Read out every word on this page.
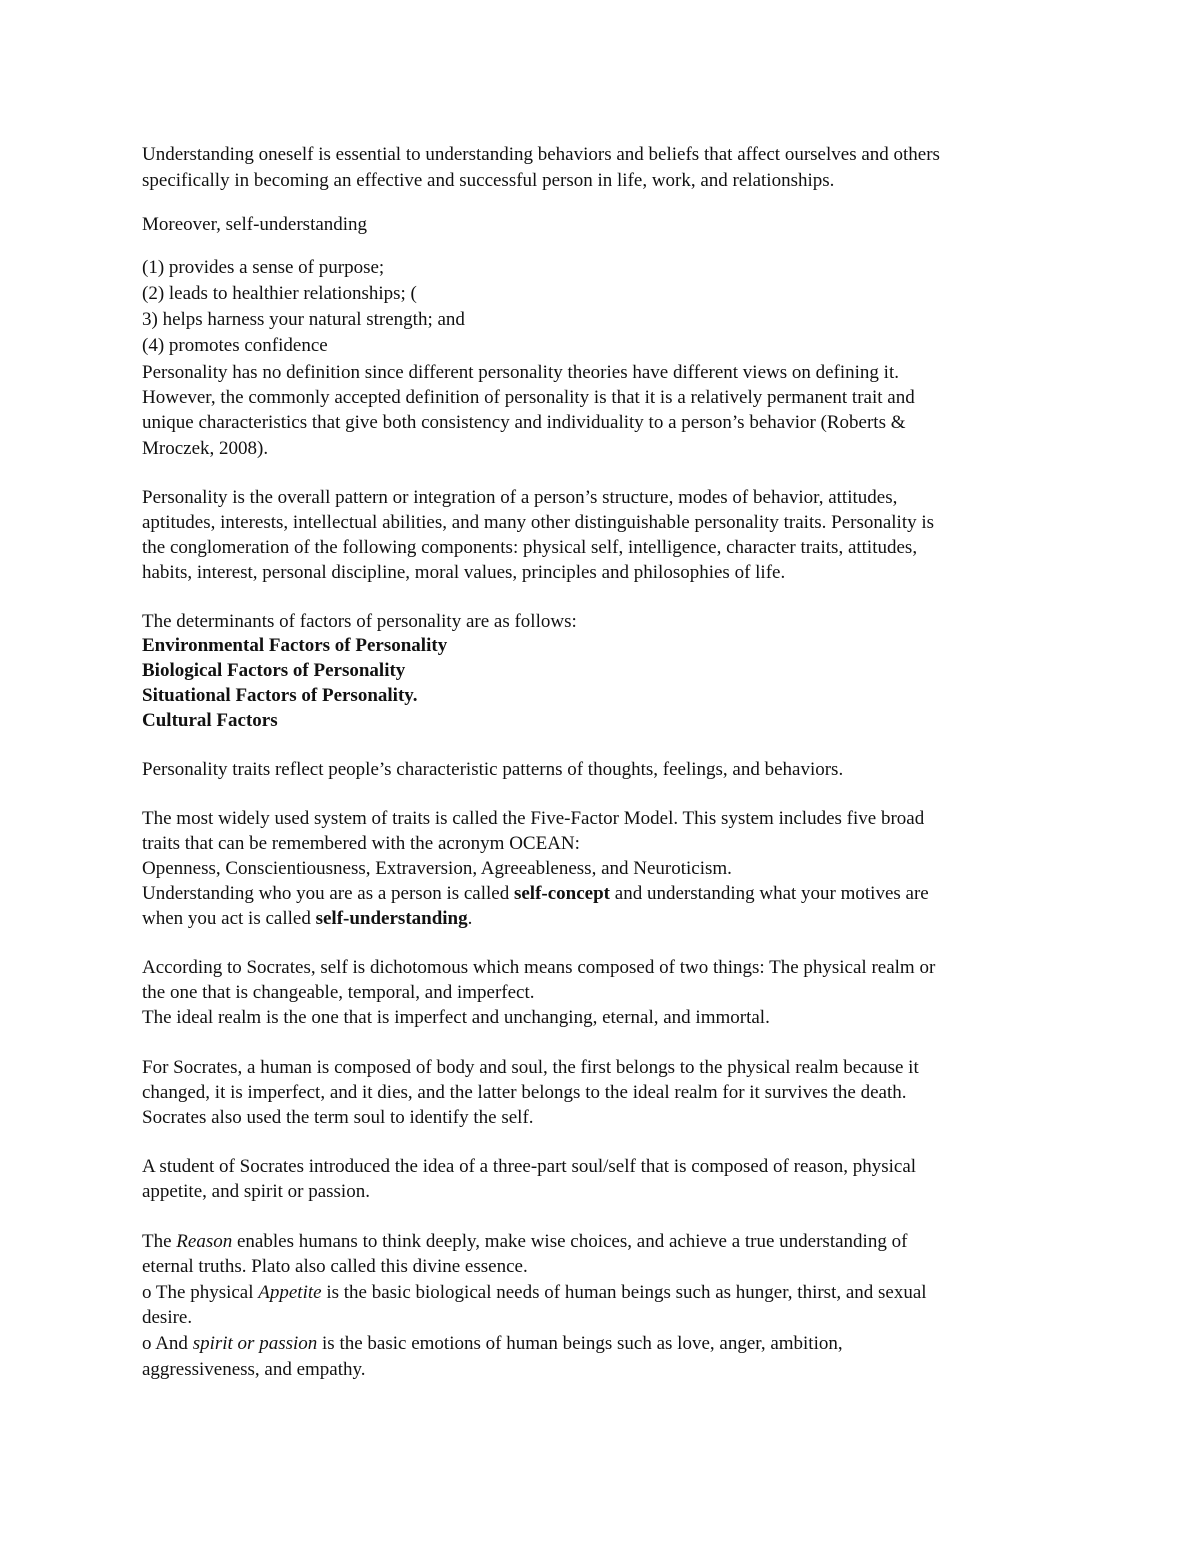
Understanding oneself is essential to understanding behaviors and beliefs that affect ourselves and others

specifically in becoming an effective and successful person in life, work, and relationships.

Moreover, self-understanding

(1) provides a sense of purpose;

(2) leads to healthier relationships; (

3) helps harness your natural strength; and

(4) promotes confidence

Personality has no definition since different personality theories have different views on defining it.

However, the commonly accepted definition of personality is that it is a relatively permanent trait and

unique characteristics that give both consistency and individuality to a person’s behavior (Roberts &

Mroczek, 2008).

Personality is the overall pattern or integration of a person’s structure, modes of behavior, attitudes,

aptitudes, interests, intellectual abilities, and many other distinguishable personality traits. Personality is

the conglomeration of the following components: physical self, intelligence, character traits, attitudes,

habits, interest, personal discipline, moral values, principles and philosophies of life.

The determinants of factors of personality are as follows:

Environmental Factors of Personality

Biological Factors of Personality

Situational Factors of Personality.

Cultural Factors

Personality traits reflect people’s characteristic patterns of thoughts, feelings, and behaviors.

The most widely used system of traits is called the Five-Factor Model. This system includes five broad

traits that can be remembered with the acronym OCEAN:

Openness, Conscientiousness, Extraversion, Agreeableness, and Neuroticism.

Understanding who you are as a person is called self-concept and understanding what your motives are

when you act is called self-understanding.

According to Socrates, self is dichotomous which means composed of two things: The physical realm or

the one that is changeable, temporal, and imperfect.

The ideal realm is the one that is imperfect and unchanging, eternal, and immortal.

For Socrates, a human is composed of body and soul, the first belongs to the physical realm because it

changed, it is imperfect, and it dies, and the latter belongs to the ideal realm for it survives the death.

Socrates also used the term soul to identify the self.

A student of Socrates introduced the idea of a three-part soul/self that is composed of reason, physical

appetite, and spirit or passion.

The Reason enables humans to think deeply, make wise choices, and achieve a true understanding of

eternal truths. Plato also called this divine essence.

o The physical Appetite is the basic biological needs of human beings such as hunger, thirst, and sexual

desire.

o And spirit or passion is the basic emotions of human beings such as love, anger, ambition,

aggressiveness, and empathy.
